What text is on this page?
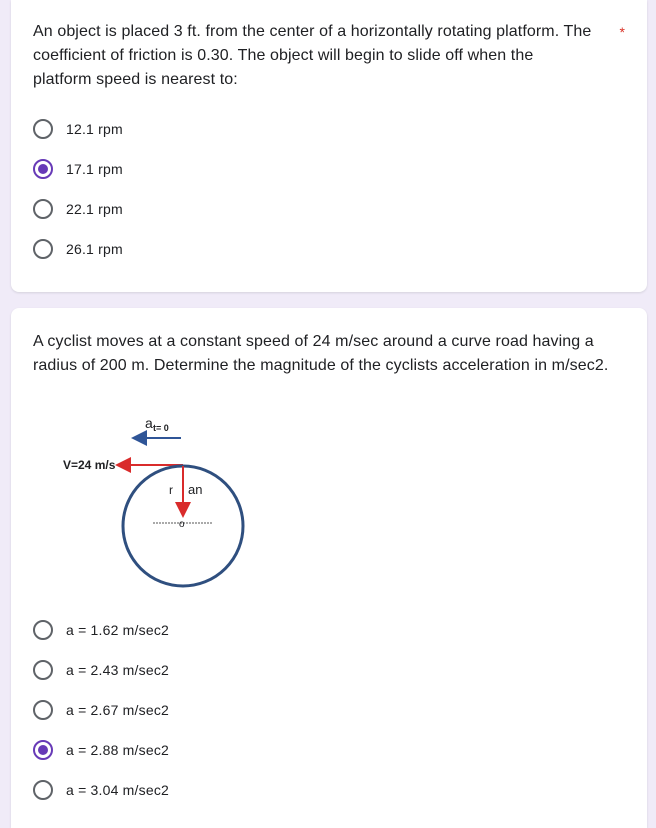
An object is placed 3 ft. from the center of a horizontally rotating platform. The
coefficient of friction is 0.30. The object will begin to slide off when the
platform speed is nearest to:
*
12.1 rpm
17.1 rpm
22.1 rpm
26.1 rpm
A cyclist moves at a constant speed of 24 m/sec around a curve road having a
radius of 200 m. Determine the magnitude of the cyclists acceleration in m/sec2.
a t= 0
V=24 m/s
r an
o
a = 1.62 m/sec2
a = 2.43 m/sec2
a = 2.67 m/sec2
a = 2.88 m/sec2
a = 3.04 m/sec2
